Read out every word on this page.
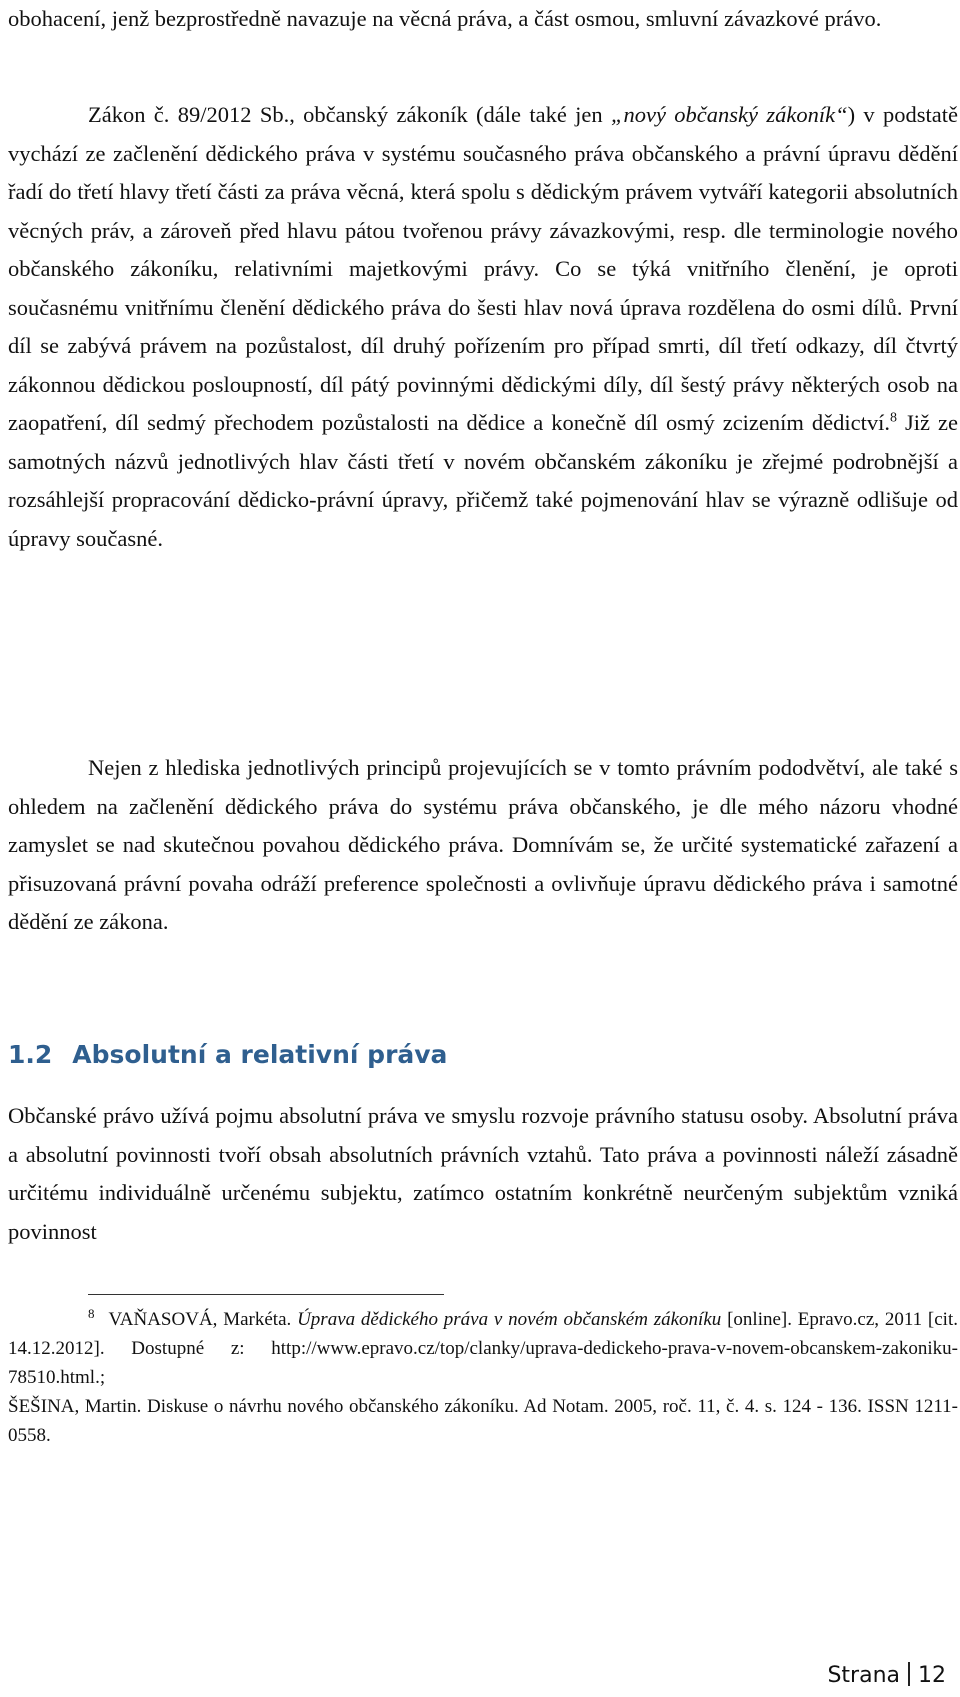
obohacení, jenž bezprostředně navazuje na věcná práva, a část osmou, smluvní závazkové právo.

Zákon č. 89/2012 Sb., občanský zákoník (dále také jen „nový občanský zákoník“) v podstatě vychází ze začlenění dědického práva v systému současného práva občanského a právní úpravu dědění řadí do třetí hlavy třetí části za práva věcná, která spolu s dědickým právem vytváří kategorii absolutních věcných práv, a zároveň před hlavu pátou tvořenou právy závazkovými, resp. dle terminologie nového občanského zákoníku, relativními majetkovými právy. Co se týká vnitřního členění, je oproti současnému vnitřnímu členění dědického práva do šesti hlav nová úprava rozdělena do osmi dílů. První díl se zabývá právem na pozůstalost, díl druhý pořízením pro případ smrti, díl třetí odkazy, díl čtvrtý zákonnou dědickou posloupností, díl pátý povinnými dědickými díly, díl šestý právy některých osob na zaopatření, díl sedmý přechodem pozůstalosti na dědice a konečně díl osmý zcizením dědictví.$^8$ Již ze samotných názvů jednotlivých hlav části třetí v novém občanském zákoníku je zřejmé podrobnější a rozsáhlejší propracování dědicko-právní úpravy, přičemž také pojmenování hlav se výrazně odlišuje od úpravy současné.

Nejen z hlediska jednotlivých principů projevujících se v tomto právním pododvětví, ale také s ohledem na začlenění dědického práva do systému práva občanského, je dle mého názoru vhodné zamyslet se nad skutečnou povahou dědického práva. Domnívám se, že určité systematické zařazení a přisuzovaná právní povaha odráží preference společnosti a ovlivňuje úpravu dědického práva i samotné dědění ze zákona.

1.2 Absolutní a relativní práva

Občanské právo užívá pojmu absolutní práva ve smyslu rozvoje právního statusu osoby. Absolutní práva a absolutní povinnosti tvoří obsah absolutních právních vztahů. Tato práva a povinnosti náleží zásadně určitému individuálně určenému subjektu, zatímco ostatním konkrétně neurčeným subjektům vzniká povinnost

$^8$ VAŇASOVÁ, Markéta. Úprava dědického práva v novém občanském zákoníku [online]. Epravo.cz, 2011 [cit. 14.12.2012]. Dostupné z: http://www.epravo.cz/top/clanky/uprava-dedickeho-prava-v-novem-obcanskem-zakoniku-78510.html.;

ŠEŠINA, Martin. Diskuse o návrhu nového občanského zákoníku. Ad Notam. 2005, roč. 11, č. 4. s. 124 - 136. ISSN 1211-0558.

Strana 12
